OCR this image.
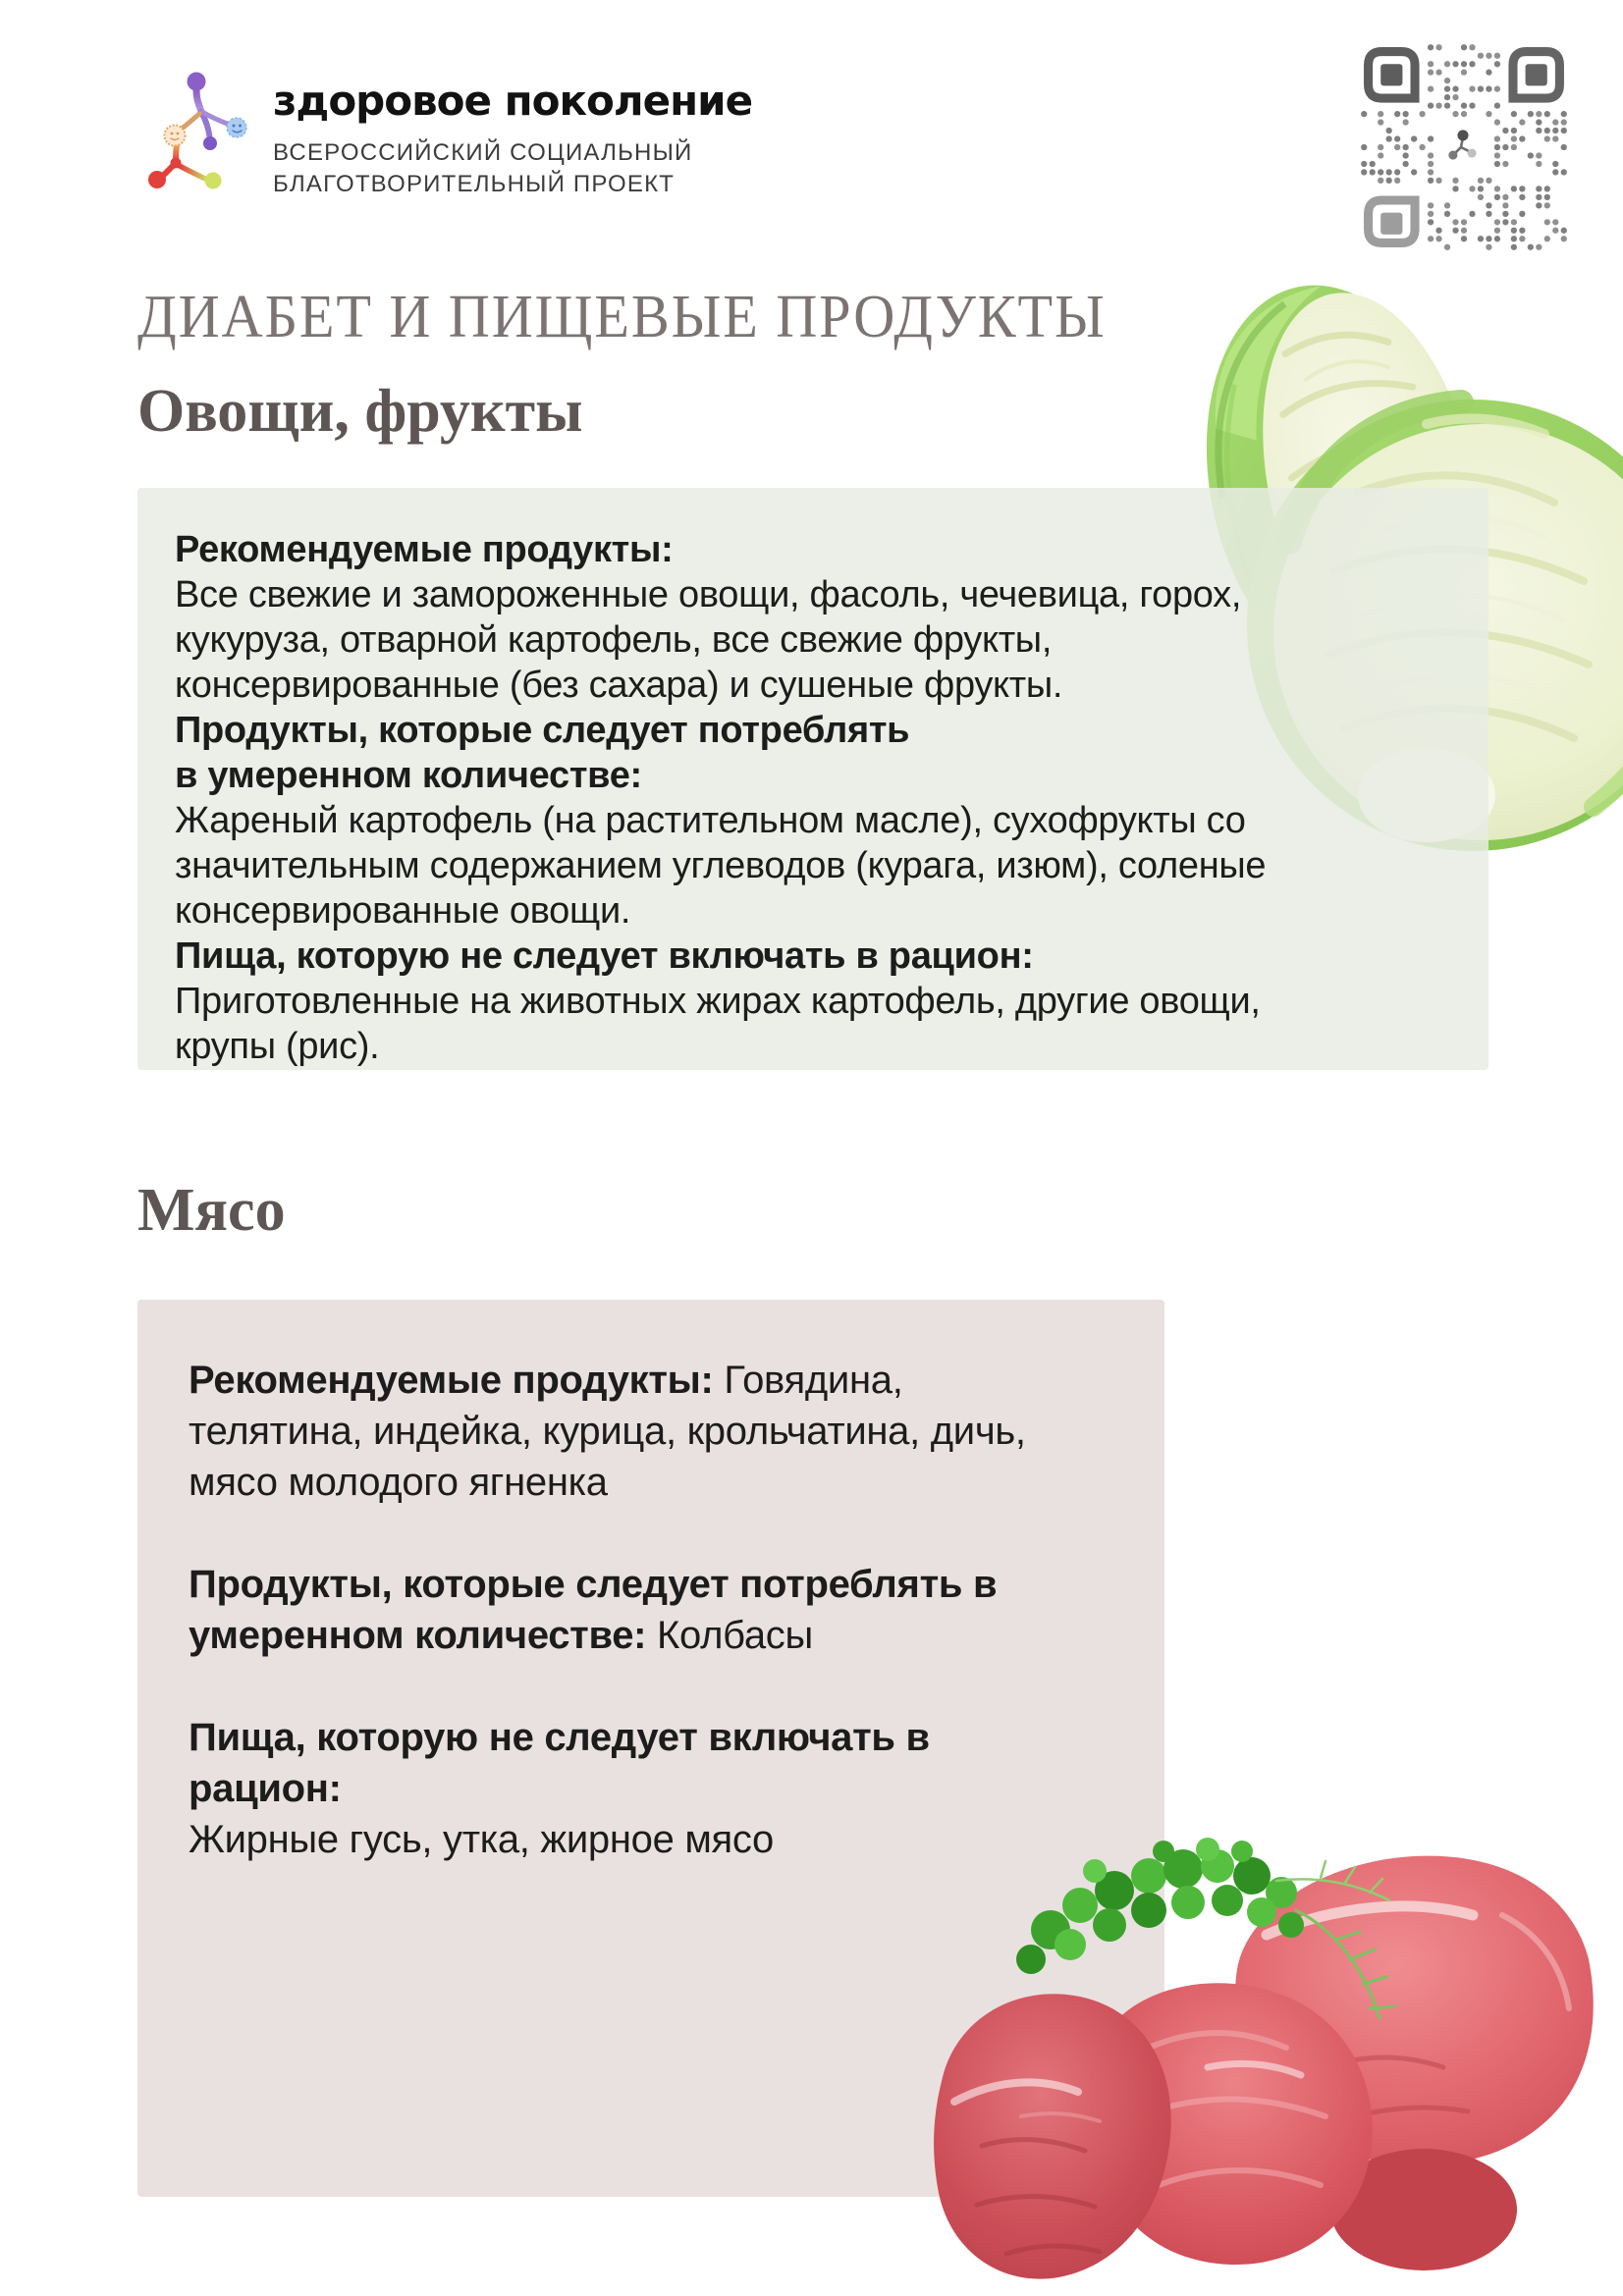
здоровое поколение
ВСЕРОССИЙСКИЙ СОЦИАЛЬНЫЙ
БЛАГОТВОРИТЕЛЬНЫЙ ПРОЕКТ
ДИАБЕТ И ПИЩЕВЫЕ ПРОДУКТЫ
Овощи, фрукты
Мясо
Рекомендуемые продукты:
Все свежие и замороженные овощи, фасоль, чечевица, горох,
кукуруза, отварной картофель, все свежие фрукты,
консервированные (без сахара) и сушеные фрукты.
Продукты, которые следует потреблять
в умеренном количестве:
Жареный картофель (на растительном масле), сухофрукты со
значительным содержанием углеводов (курага, изюм), соленые
консервированные овощи.
Пища, которую не следует включать в рацион:
Приготовленные на животных жирах картофель, другие овощи,
крупы (рис).
Рекомендуемые продукты: Говядина,
телятина, индейка, курица, крольчатина, дичь,
мясо молодого ягненка
Продукты, которые следует потреблять в
умеренном количестве: Колбасы
Пища, которую не следует включать в
рацион:
Жирные гусь, утка, жирное мясо
